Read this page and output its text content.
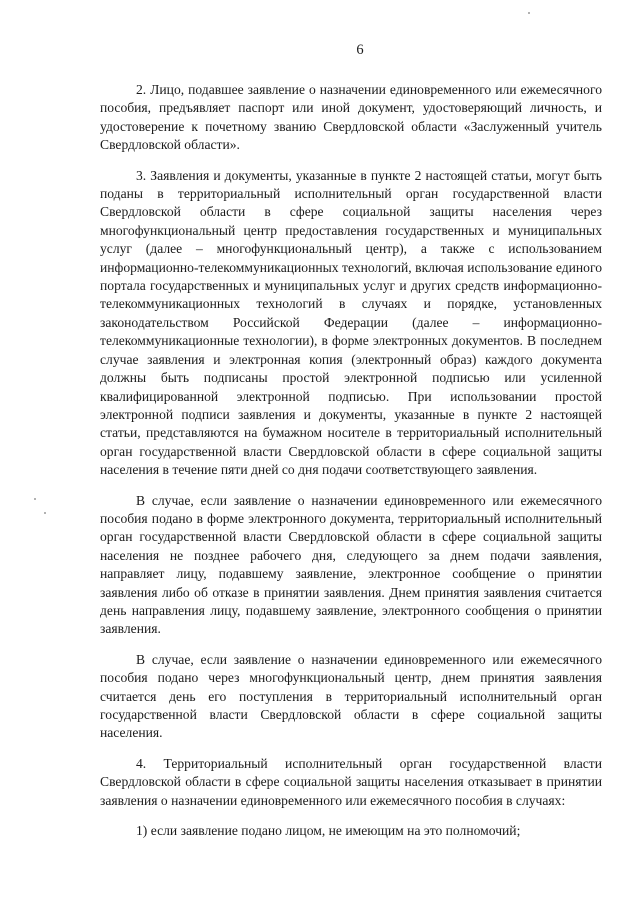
6

2. Лицо, подавшее заявление о назначении единовременного или ежемесячного пособия, предъявляет паспорт или иной документ, удостоверяющий личность, и удостоверение к почетному званию Свердловской области «Заслуженный учитель Свердловской области».

3. Заявления и документы, указанные в пункте 2 настоящей статьи, могут быть поданы в территориальный исполнительный орган государственной власти Свердловской области в сфере социальной защиты населения через многофункциональный центр предоставления государственных и муниципальных услуг (далее – многофункциональный центр), а также с использованием информационно-телекоммуникационных технологий, включая использование единого портала государственных и муниципальных услуг и других средств информационно-телекоммуникационных технологий в случаях и порядке, установленных законодательством Российской Федерации (далее – информационно-телекоммуникационные технологии), в форме электронных документов. В последнем случае заявления и электронная копия (электронный образ) каждого документа должны быть подписаны простой электронной подписью или усиленной квалифицированной электронной подписью. При использовании простой электронной подписи заявления и документы, указанные в пункте 2 настоящей статьи, представляются на бумажном носителе в территориальный исполнительный орган государственной власти Свердловской области в сфере социальной защиты населения в течение пяти дней со дня подачи соответствующего заявления.

В случае, если заявление о назначении единовременного или ежемесячного пособия подано в форме электронного документа, территориальный исполнительный орган государственной власти Свердловской области в сфере социальной защиты населения не позднее рабочего дня, следующего за днем подачи заявления, направляет лицу, подавшему заявление, электронное сообщение о принятии заявления либо об отказе в принятии заявления. Днем принятия заявления считается день направления лицу, подавшему заявление, электронного сообщения о принятии заявления.

В случае, если заявление о назначении единовременного или ежемесячного пособия подано через многофункциональный центр, днем принятия заявления считается день его поступления в территориальный исполнительный орган государственной власти Свердловской области в сфере социальной защиты населения.

4. Территориальный исполнительный орган государственной власти Свердловской области в сфере социальной защиты населения отказывает в принятии заявления о назначении единовременного или ежемесячного пособия в случаях:

1) если заявление подано лицом, не имеющим на это полномочий;
